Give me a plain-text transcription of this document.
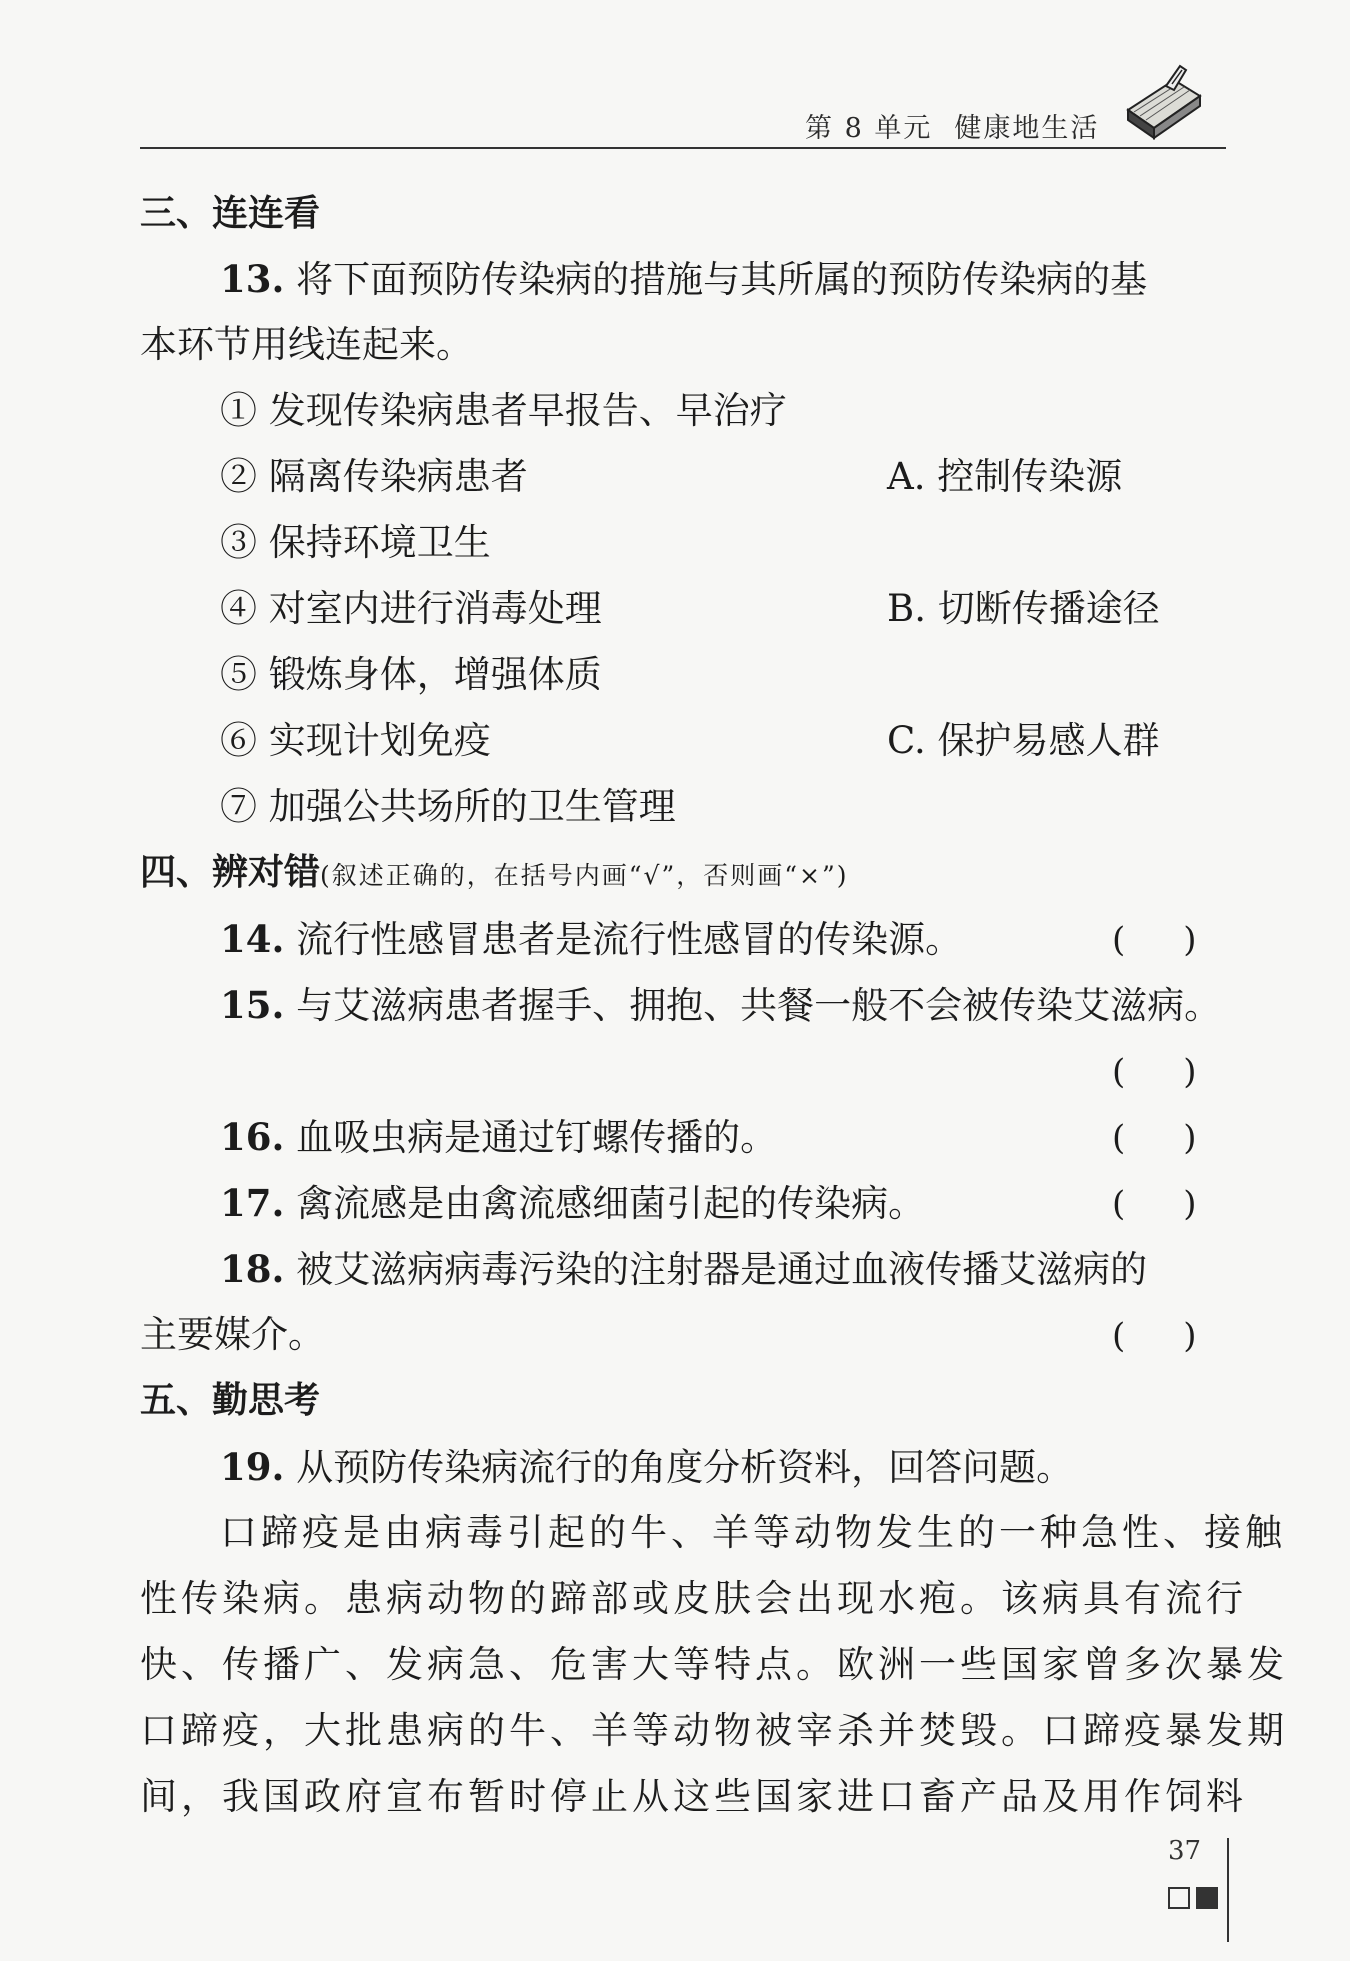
第 8 单元 健康地生活
三、连连看
13. 将下面预防传染病的措施与其所属的预防传染病的基
本环节用线连起来。
① 发现传染病患者早报告、早治疗
② 隔离传染病患者
③ 保持环境卫生
④ 对室内进行消毒处理
⑤ 锻炼身体，增强体质
⑥ 实现计划免疫
⑦ 加强公共场所的卫生管理
A. 控制传染源
B. 切断传播途径
C. 保护易感人群
四、辨对错(叙述正确的，在括号内画“√”，否则画“×”)
14. 流行性感冒患者是流行性感冒的传染源。	( )
15. 与艾滋病患者握手、拥抱、共餐一般不会被传染艾滋病。
( )
16. 血吸虫病是通过钉螺传播的。	( )
17. 禽流感是由禽流感细菌引起的传染病。	( )
18. 被艾滋病病毒污染的注射器是通过血液传播艾滋病的
主要媒介。	( )
五、勤思考
19. 从预防传染病流行的角度分析资料，回答问题。
口蹄疫是由病毒引起的牛、羊等动物发生的一种急性、接触
性传染病。患病动物的蹄部或皮肤会出现水疱。该病具有流行
快、传播广、发病急、危害大等特点。欧洲一些国家曾多次暴发
口蹄疫，大批患病的牛、羊等动物被宰杀并焚毁。口蹄疫暴发期
间，我国政府宣布暂时停止从这些国家进口畜产品及用作饲料
37
